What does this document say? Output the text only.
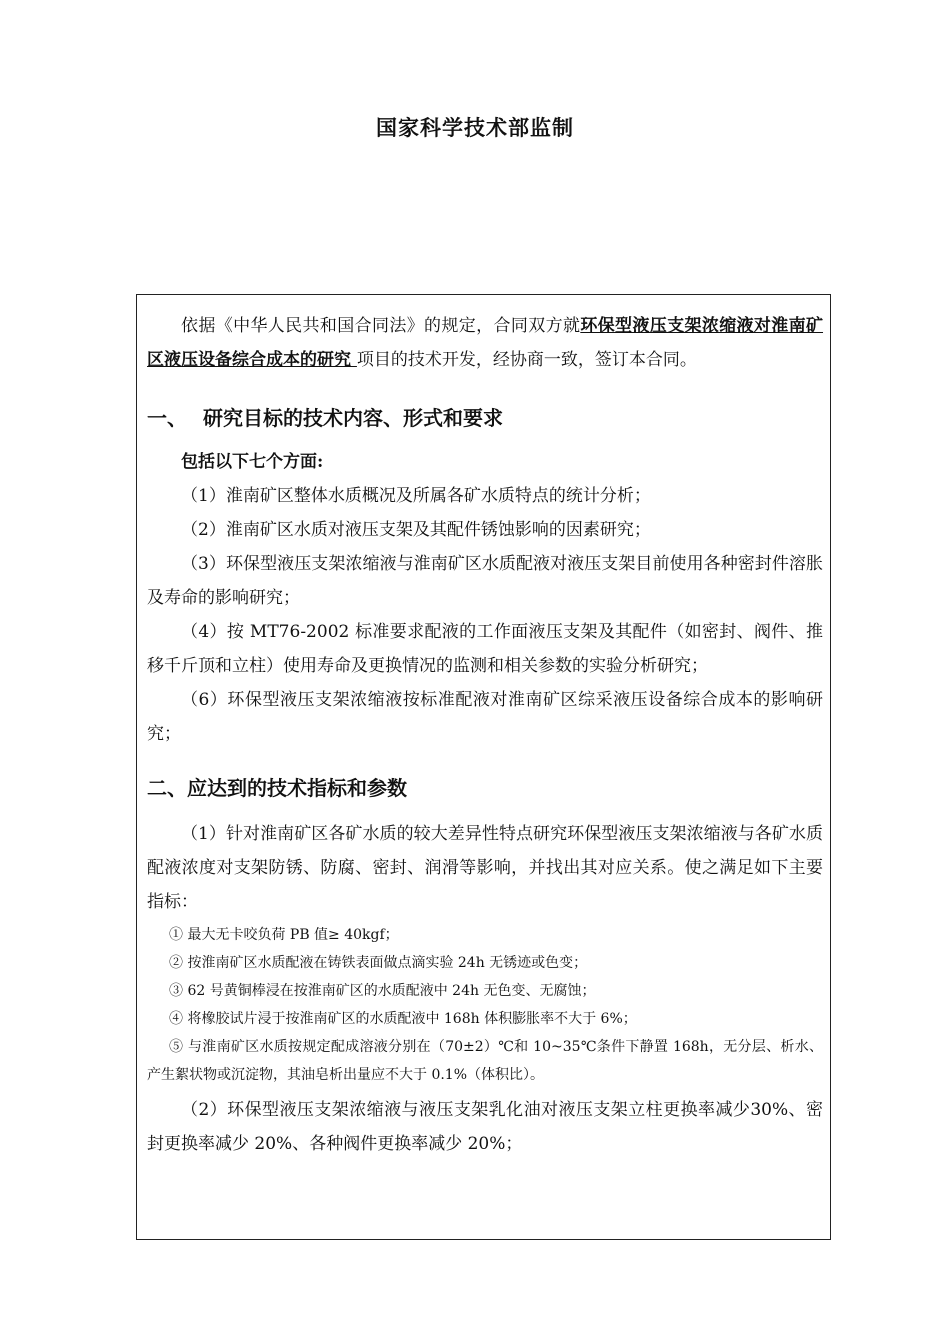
国家科学技术部监制

依据《中华人民共和国合同法》的规定，合同双方就环保型液压支架浓缩液对淮南矿区液压设备综合成本的研究 项目的技术开发，经协商一致，签订本合同。

一、 研究目标的技术内容、形式和要求

包括以下七个方面:

（1）淮南矿区整体水质概况及所属各矿水质特点的统计分析；

（2）淮南矿区水质对液压支架及其配件锈蚀影响的因素研究；

（3）环保型液压支架浓缩液与淮南矿区水质配液对液压支架目前使用各种密封件溶胀及寿命的影响研究；

（4）按 MT76-2002 标准要求配液的工作面液压支架及其配件（如密封、阀件、推移千斤顶和立柱）使用寿命及更换情况的监测和相关参数的实验分析研究；

（6）环保型液压支架浓缩液按标准配液对淮南矿区综采液压设备综合成本的影响研究；

二、应达到的技术指标和参数

（1）针对淮南矿区各矿水质的较大差异性特点研究环保型液压支架浓缩液与各矿水质配液浓度对支架防锈、防腐、密封、润滑等影响，并找出其对应关系。使之满足如下主要指标：

① 最大无卡咬负荷 PB 值≥ 40kgf；

② 按淮南矿区水质配液在铸铁表面做点滴实验 24h 无锈迹或色变；

③ 62 号黄铜棒浸在按淮南矿区的水质配液中 24h 无色变、无腐蚀；

④ 将橡胶试片浸于按淮南矿区的水质配液中 168h 体积膨胀率不大于 6%；

⑤ 与淮南矿区水质按规定配成溶液分别在（70±2）℃和 10~35℃条件下静置 168h，无分层、析水、产生絮状物或沉淀物，其油皂析出量应不大于 0.1%（体积比）。

（2）环保型液压支架浓缩液与液压支架乳化油对液压支架立柱更换率减少30%、密封更换率减少 20%、各种阀件更换率减少 20%；
